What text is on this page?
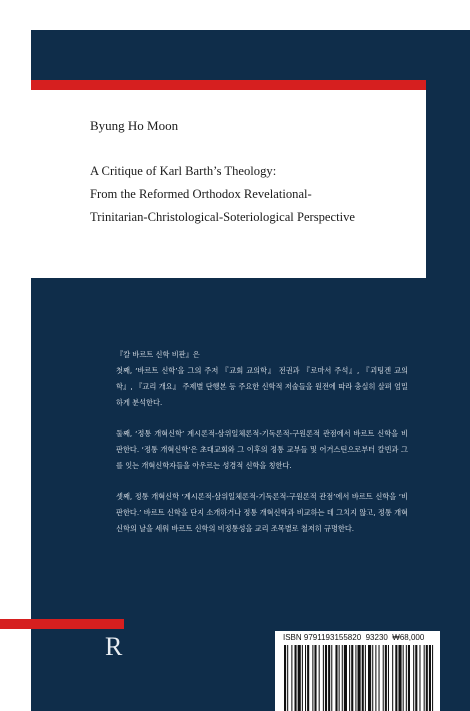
Byung Ho Moon
A Critique of Karl Barth’s Theology:
From the Reformed Orthodox Revelational-
Trinitarian-Christological-Soteriological Perspective

『칼 바르트 신학 비판』은

첫째, ‘바르트 신학’을 그의 주저 『교회 교의학』 전권과 『로마서 주석』, 『괴팅겐 교의학』, 『교리 개요』 주제별 단행본 등 주요한 신학적 저술들을 원전에 따라 충실히 살펴 엄밀하게 분석한다.

둘째, ‘정통 개혁신학’ 계시론적-삼위일체론적-기독론적-구원론적 관점에서 바르트 신학을 비판한다. ‘정통 개혁신학’은 초대교회와 그 이후의 정통 교부들 및 어거스틴으로부터 칼빈과 그를 잇는 개혁신학자들을 아우르는 성경적 신학을 칭한다.

셋째, 정통 개혁신학 ‘계시론적-삼위일체론적-기독론적-구원론적 관점’에서 바르트 신학을 ‘비판한다.’ 바르트 신학을 단지 소개하거나 정통 개혁신학과 비교하는 데 그치지 않고, 정통 개혁신학의 날을 세워 바르트 신학의 비정통성을 교리 조목별로 철저히 규명한다.

R	ISBN 9791193155820 93230 ₩68,000
